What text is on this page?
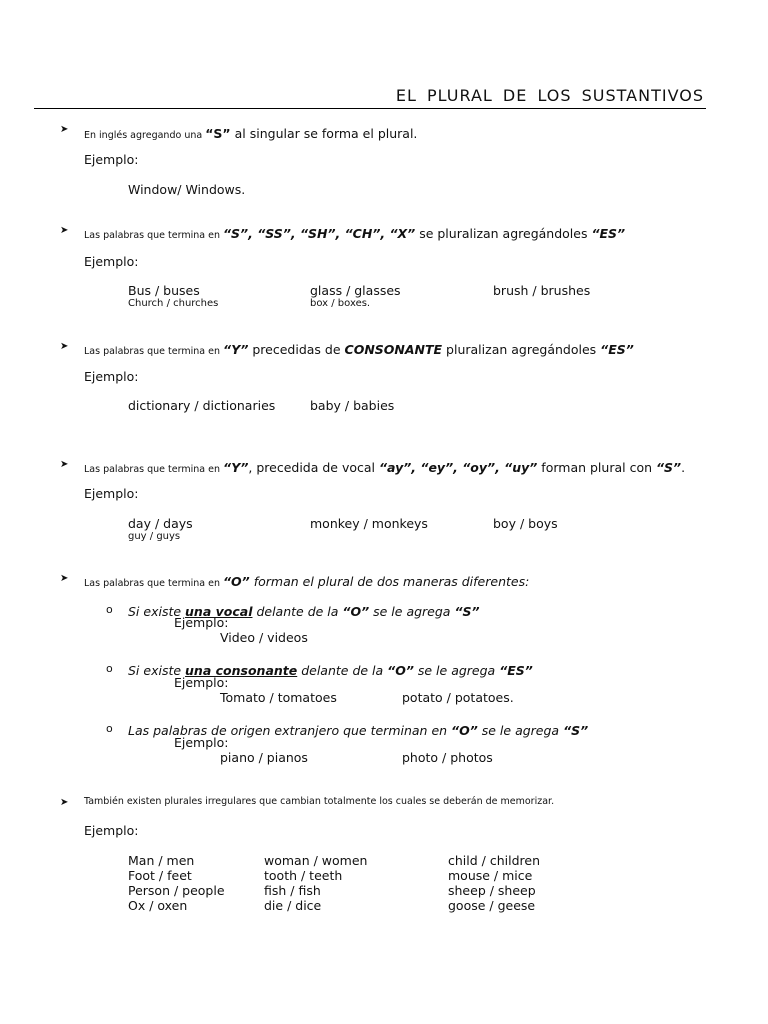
EL PLURAL DE LOS SUSTANTIVOS
➤
En inglés agregando una “S” al singular se forma el plural.
Ejemplo:
Window/ Windows.
➤ Las palabras que termina en “S”, “SS”, “SH”, “CH”, “X” se pluralizan agregándoles “ES”
Ejemplo:
Bus / buses	glass / glasses	brush / brushes
Church / churches	box / boxes.
➤ Las palabras que termina en “Y” precedidas de CONSONANTE pluralizan agregándoles “ES”
Ejemplo:
dictionary / dictionaries	baby / babies
➤ Las palabras que termina en “Y”, precedida de vocal “ay”, “ey”, “oy”, “uy” forman plural con “S”.
Ejemplo:
day / days	monkey / monkeys	boy / boys
guy / guys
➤ Las palabras que termina en “O” forman el plural de dos maneras diferentes:
o Si existe una vocal delante de la “O” se le agrega “S”
Ejemplo:
Video / videos
o Si existe una consonante delante de la “O” se le agrega “ES”
Ejemplo:
Tomato / tomatoes	potato / potatoes.
o Las palabras de origen extranjero que terminan en “O” se le agrega “S”
Ejemplo:
piano / pianos	photo / photos
➤ También existen plurales irregulares que cambian totalmente los cuales se deberán de memorizar.
Ejemplo:
Man / men	woman / women	child / children
Foot / feet	tooth / teeth	mouse / mice
Person / people	fish / fish	sheep / sheep
Ox / oxen	die / dice	goose / geese
